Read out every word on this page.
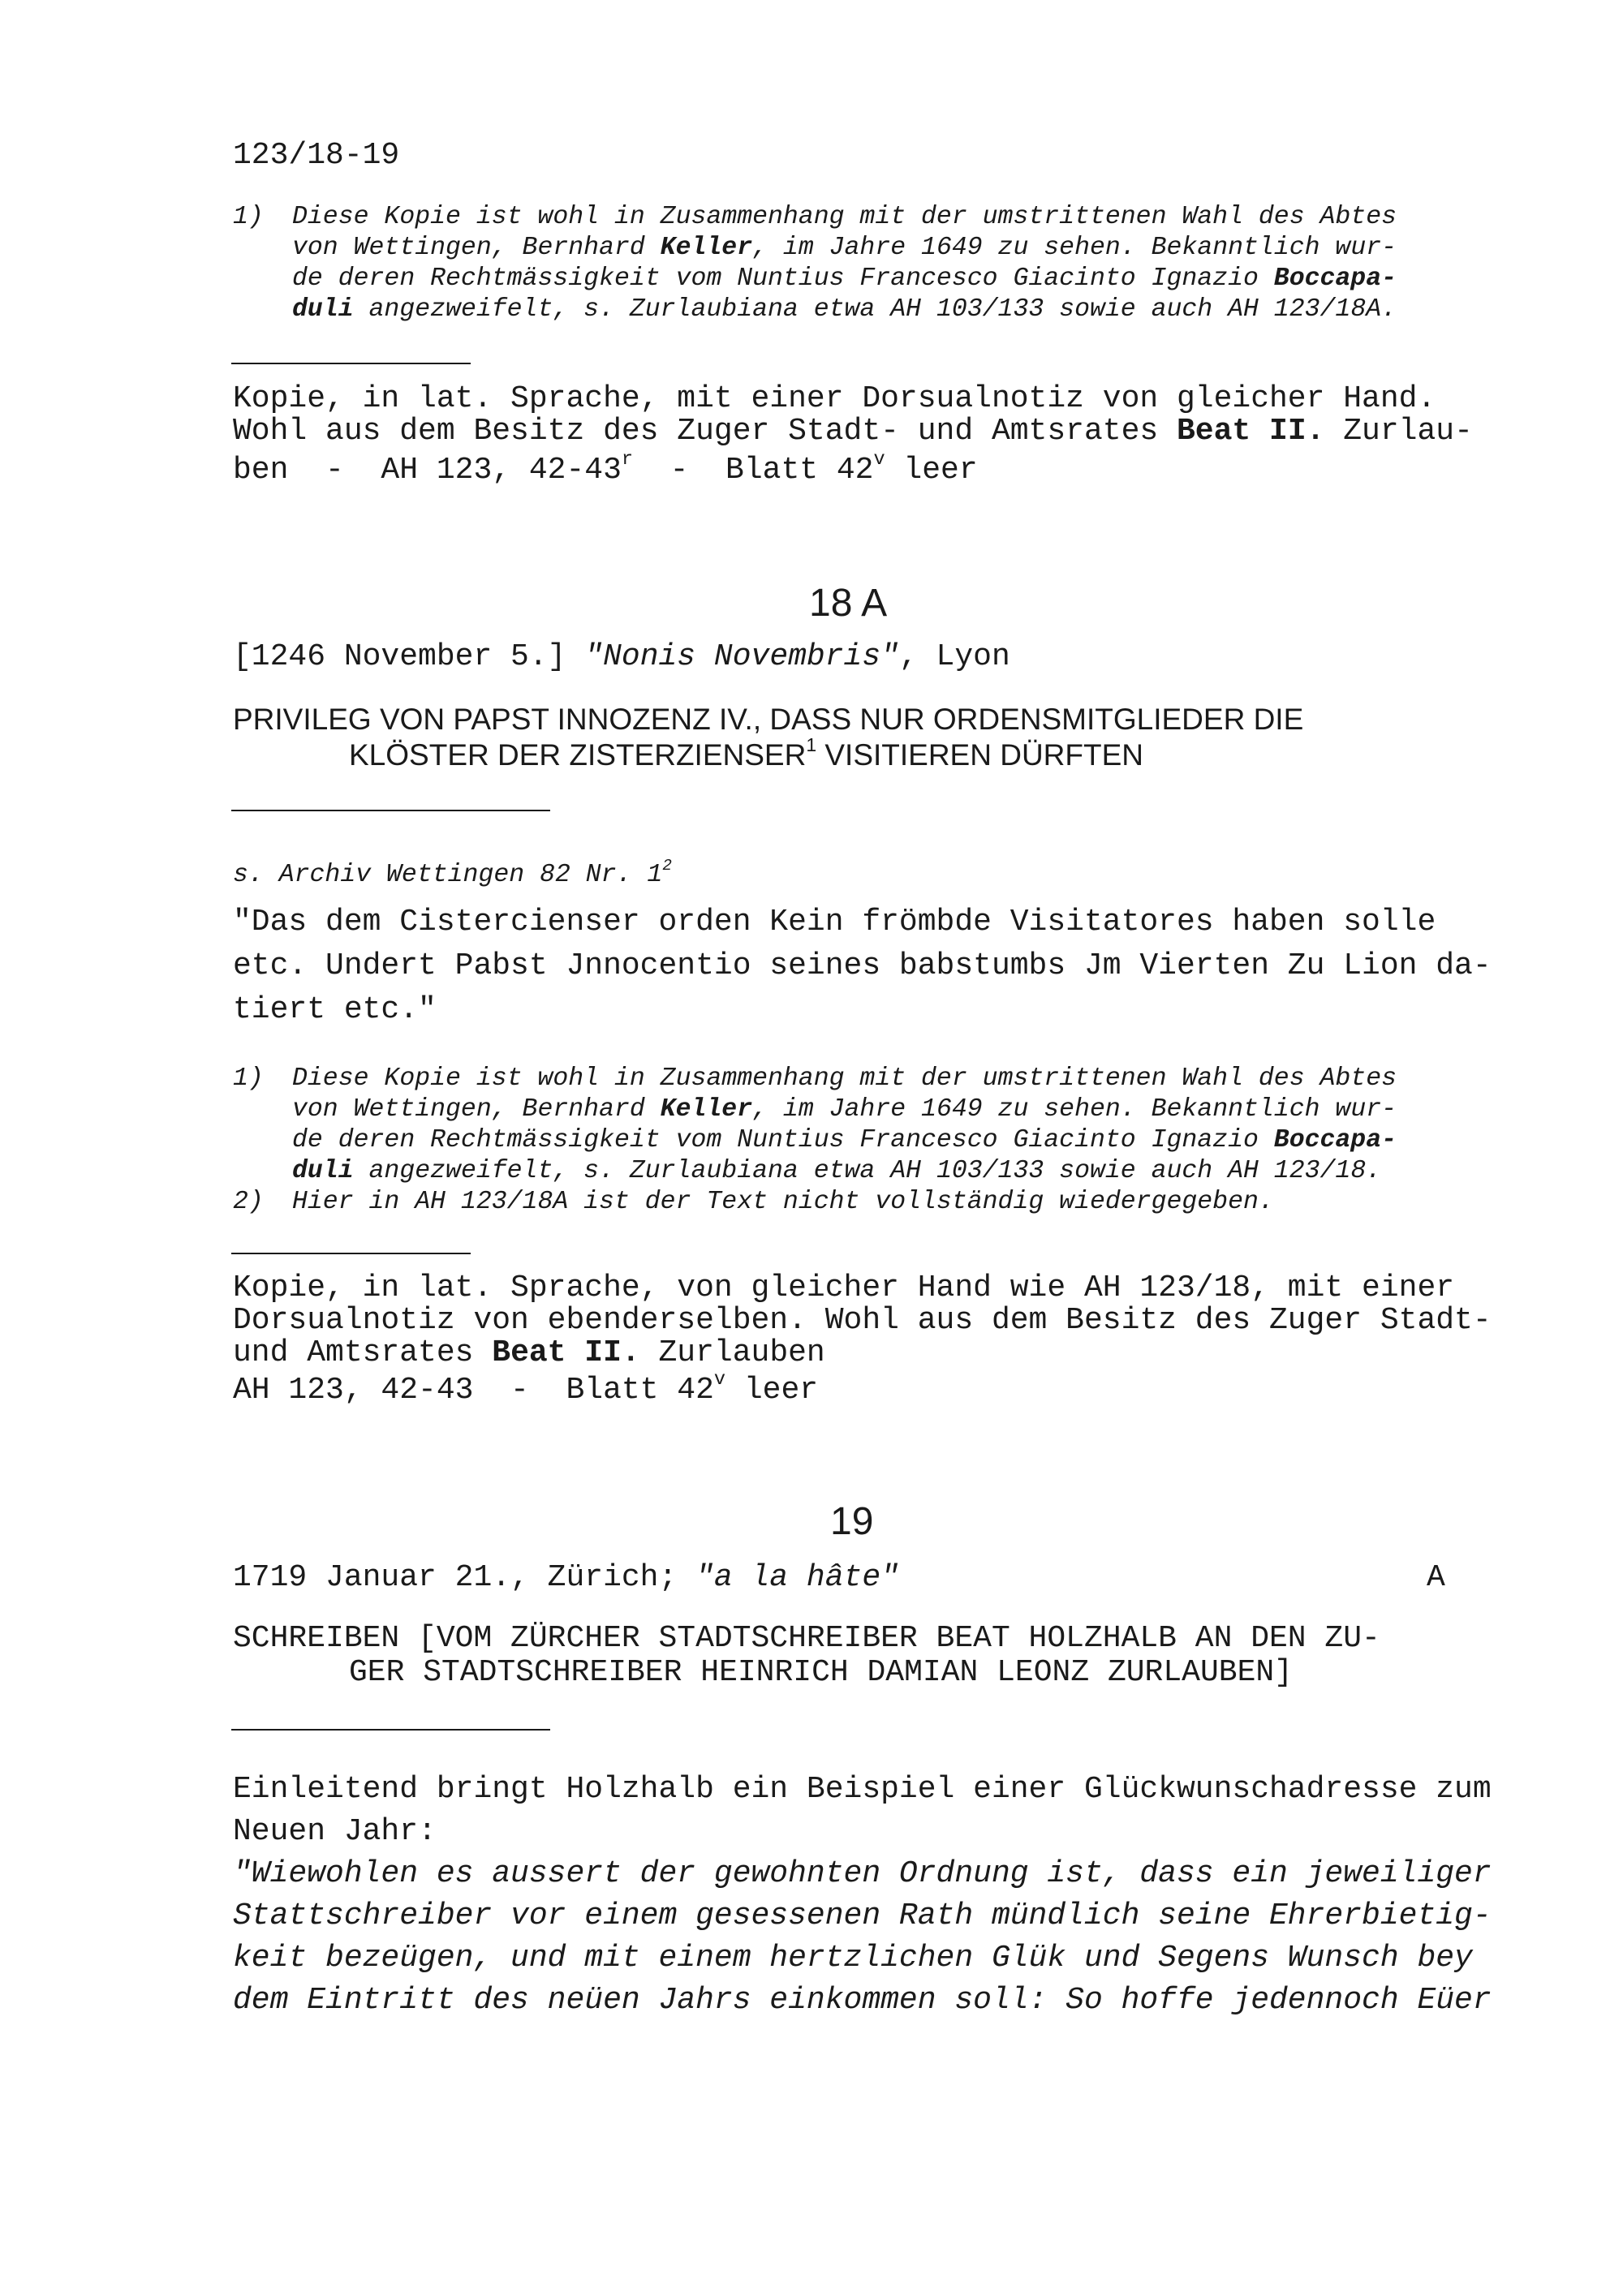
123/18-19
1) Diese Kopie ist wohl in Zusammenhang mit der umstrittenen Wahl des Abtes
von Wettingen, Bernhard Keller, im Jahre 1649 zu sehen. Bekanntlich wur-
de deren Rechtmässigkeit vom Nuntius Francesco Giacinto Ignazio Boccapa-
duli angezweifelt, s. Zurlaubiana etwa AH 103/133 sowie auch AH 123/18A.
Kopie, in lat. Sprache, mit einer Dorsualnotiz von gleicher Hand.
Wohl aus dem Besitz des Zuger Stadt- und Amtsrates Beat II. Zurlau-
ben  -  AH 123, 42-43$^r$  -  Blatt 42$^v$ leer
18 A
[1246 November 5.] "Nonis Novembris", Lyon
PRIVILEG VON PAPST INNOZENZ IV., DASS NUR ORDENSMITGLIEDER DIE
KLÖSTER DER ZISTERZIENSER$^1$ VISITIEREN DÜRFTEN
s. Archiv Wettingen 82 Nr. $1^2$
"Das dem Cistercienser orden Kein frömbde Visitatores haben solle
etc. Undert Pabst Jnnocentio seines babstumbs Jm Vierten Zu Lion da-
tiert etc."
1) Diese Kopie ist wohl in Zusammenhang mit der umstrittenen Wahl des Abtes
von Wettingen, Bernhard Keller, im Jahre 1649 zu sehen. Bekanntlich wur-
de deren Rechtmässigkeit vom Nuntius Francesco Giacinto Ignazio Boccapa-
duli angezweifelt, s. Zurlaubiana etwa AH 103/133 sowie auch AH 123/18.
2) Hier in AH 123/18A ist der Text nicht vollständig wiedergegeben.
Kopie, in lat. Sprache, von gleicher Hand wie AH 123/18, mit einer
Dorsualnotiz von ebenderselben. Wohl aus dem Besitz des Zuger Stadt-
und Amtsrates Beat II. Zurlauben
AH 123, 42-43  -  Blatt 42$^v$ leer
19
1719 Januar 21., Zürich; "a la hâte"	A
SCHREIBEN [VOM ZÜRCHER STADTSCHREIBER BEAT HOLZHALB AN DEN ZU-
GER STADTSCHREIBER HEINRICH DAMIAN LEONZ ZURLAUBEN]
Einleitend bringt Holzhalb ein Beispiel einer Glückwunschadresse zum
Neuen Jahr:
"Wiewohlen es aussert der gewohnten Ordnung ist, dass ein jeweiliger
Stattschreiber vor einem gesessenen Rath mündlich seine Ehrerbietig-
keit bezeügen, und mit einem hertzlichen Glük und Segens Wunsch bey
dem Eintritt des neüen Jahrs einkommen soll: So hoffe jedennoch Eüer
